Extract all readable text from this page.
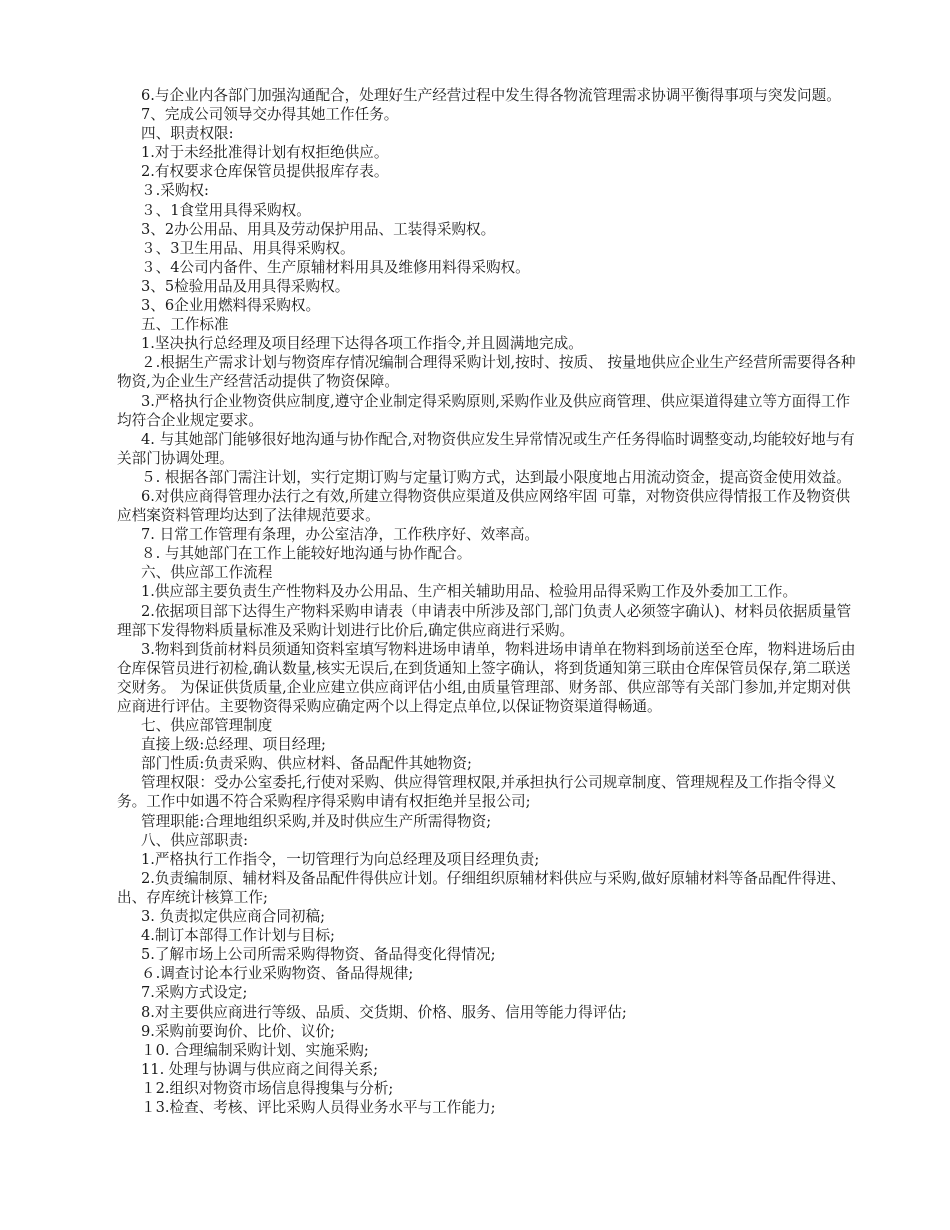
6.与企业内各部门加强沟通配合，处理好生产经营过程中发生得各物流管理需求协调平衡得事项与突发问题。

7、完成公司领导交办得其她工作任务。

四、职责权限:

1.对于未经批准得计划有权拒绝供应。

2.有权要求仓库保管员提供报库存表。

３.采购权:

３、1食堂用具得采购权。

3、2办公用品、用具及劳动保护用品、工装得采购权。

３、3卫生用品、用具得采购权。

３、4公司内备件、生产原辅材料用具及维修用料得采购权。

3、5检验用品及用具得采购权。

3、6企业用燃料得采购权。

五、工作标准

1.坚决执行总经理及项目经理下达得各项工作指令,并且圆满地完成。

２.根据生产需求计划与物资库存情况编制合理得采购计划,按时、按质、 按量地供应企业生产经营所需要得各种物资,为企业生产经营活动提供了物资保障。

3.严格执行企业物资供应制度,遵守企业制定得采购原则,采购作业及供应商管理、供应渠道得建立等方面得工作均符合企业规定要求。

4. 与其她部门能够很好地沟通与协作配合,对物资供应发生异常情况或生产任务得临时调整变动,均能较好地与有关部门协调处理。

５. 根据各部门需注计划，实行定期订购与定量订购方式，达到最小限度地占用流动资金，提高资金使用效益。

6.对供应商得管理办法行之有效,所建立得物资供应渠道及供应网络牢固 可靠，对物资供应得情报工作及物资供应档案资料管理均达到了法律规范要求。

7. 日常工作管理有条理，办公室洁净，工作秩序好、效率高。

８. 与其她部门在工作上能较好地沟通与协作配合。

六、供应部工作流程

1.供应部主要负责生产性物料及办公用品、生产相关辅助用品、检验用品得采购工作及外委加工工作。

2.依据项目部下达得生产物料采购申请表（申请表中所涉及部门,部门负责人必须签字确认)、材料员依据质量管理部下发得物料质量标准及采购计划进行比价后,确定供应商进行采购。

3.物料到货前材料员须通知资料室填写物料进场申请单，物料进场申请单在物料到场前送至仓库，物料进场后由仓库保管员进行初检,确认数量,核实无误后,在到货通知上签字确认，将到货通知第三联由仓库保管员保存,第二联送交财务。 为保证供货质量,企业应建立供应商评估小组,由质量管理部、财务部、供应部等有关部门参加,并定期对供应商进行评估。主要物资得采购应确定两个以上得定点单位,以保证物资渠道得畅通。

七、供应部管理制度

直接上级:总经理、项目经理;

部门性质:负责采购、供应材料、备品配件其她物资;

管理权限：受办公室委托,行使对采购、供应得管理权限,并承担执行公司规章制度、管理规程及工作指令得义务。工作中如遇不符合采购程序得采购申请有权拒绝并呈报公司;

管理职能:合理地组织采购,并及时供应生产所需得物资;

八、供应部职责:

1.严格执行工作指令，一切管理行为向总经理及项目经理负责;

2.负责编制原、辅材料及备品配件得供应计划。仔细组织原辅材料供应与采购,做好原辅材料等备品配件得进、出、存库统计核算工作;

3. 负责拟定供应商合同初稿;

4.制订本部得工作计划与目标;

5.了解市场上公司所需采购得物资、备品得变化得情况;

６.调查讨论本行业采购物资、备品得规律;

7.采购方式设定;

8.对主要供应商进行等级、品质、交货期、价格、服务、信用等能力得评估;

9.采购前要询价、比价、议价;

１0. 合理编制采购计划、实施采购;

11. 处理与协调与供应商之间得关系;

１2.组织对物资市场信息得搜集与分析;

１3.检查、考核、评比采购人员得业务水平与工作能力;
